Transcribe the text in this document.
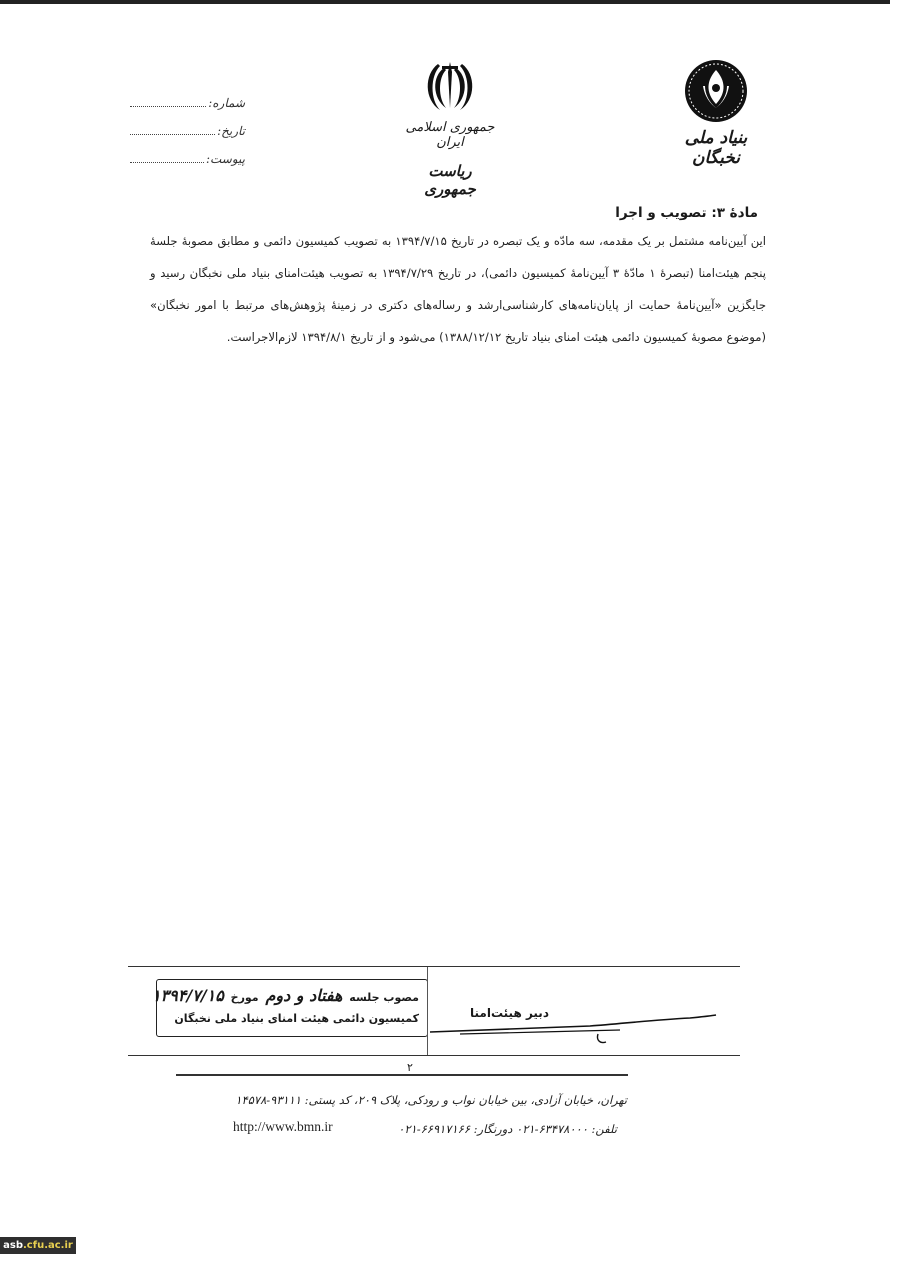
شماره:
تاریخ:
پیوست:
جمهوری اسلامی ایران
ریاست جمهوری
بنیاد ملی نخبگان
مادهٔ ۳: تصویب و اجرا
این آیین‌نامه مشتمل بر یک مقدمه، سه مادّه و یک تبصره در تاریخ ۱۳۹۴/۷/۱۵ به تصویب کمیسیون دائمی و مطابق مصوبهٔ جلسهٔ پنجم هیئت‌امنا (تبصرهٔ ۱ مادّهٔ ۳ آیین‌نامهٔ کمیسیون دائمی)، در تاریخ ۱۳۹۴/۷/۲۹ به تصویب هیئت‌امنای بنیاد ملی نخبگان رسید و جایگزین «آیین‌نامهٔ حمایت از پایان‌نامه‌های کارشناسی‌ارشد و رساله‌های دکتری در زمینهٔ پژوهش‌های مرتبط با امور نخبگان» (موضوع مصوبهٔ کمیسیون دائمی هیئت امنای بنیاد تاریخ ۱۳۸۸/۱۲/۱۲) می‌شود و از تاریخ ۱۳۹۴/۸/۱ لازم‌الاجراست.
مصوب جلسه هفتاد و دوم مورخ ۱۳۹۴/۷/۱۵
کمیسیون دائمی هیئت امنای بنیاد ملی نخبگان	دبیر هیئت‌امنا
۲
تهران، خیابان آزادی، بین خیابان نواب و رودکی، پلاک ۲۰۹، کد پستی: ۹۳۱۱۱-۱۴۵۷۸
تلفن: ۶۳۴۷۸۰۰۰-۰۲۱ دورنگار: ۶۶۹۱۷۱۶۶-۰۲۱
http://www.bmn.ir
asb.cfu.ac.ir
